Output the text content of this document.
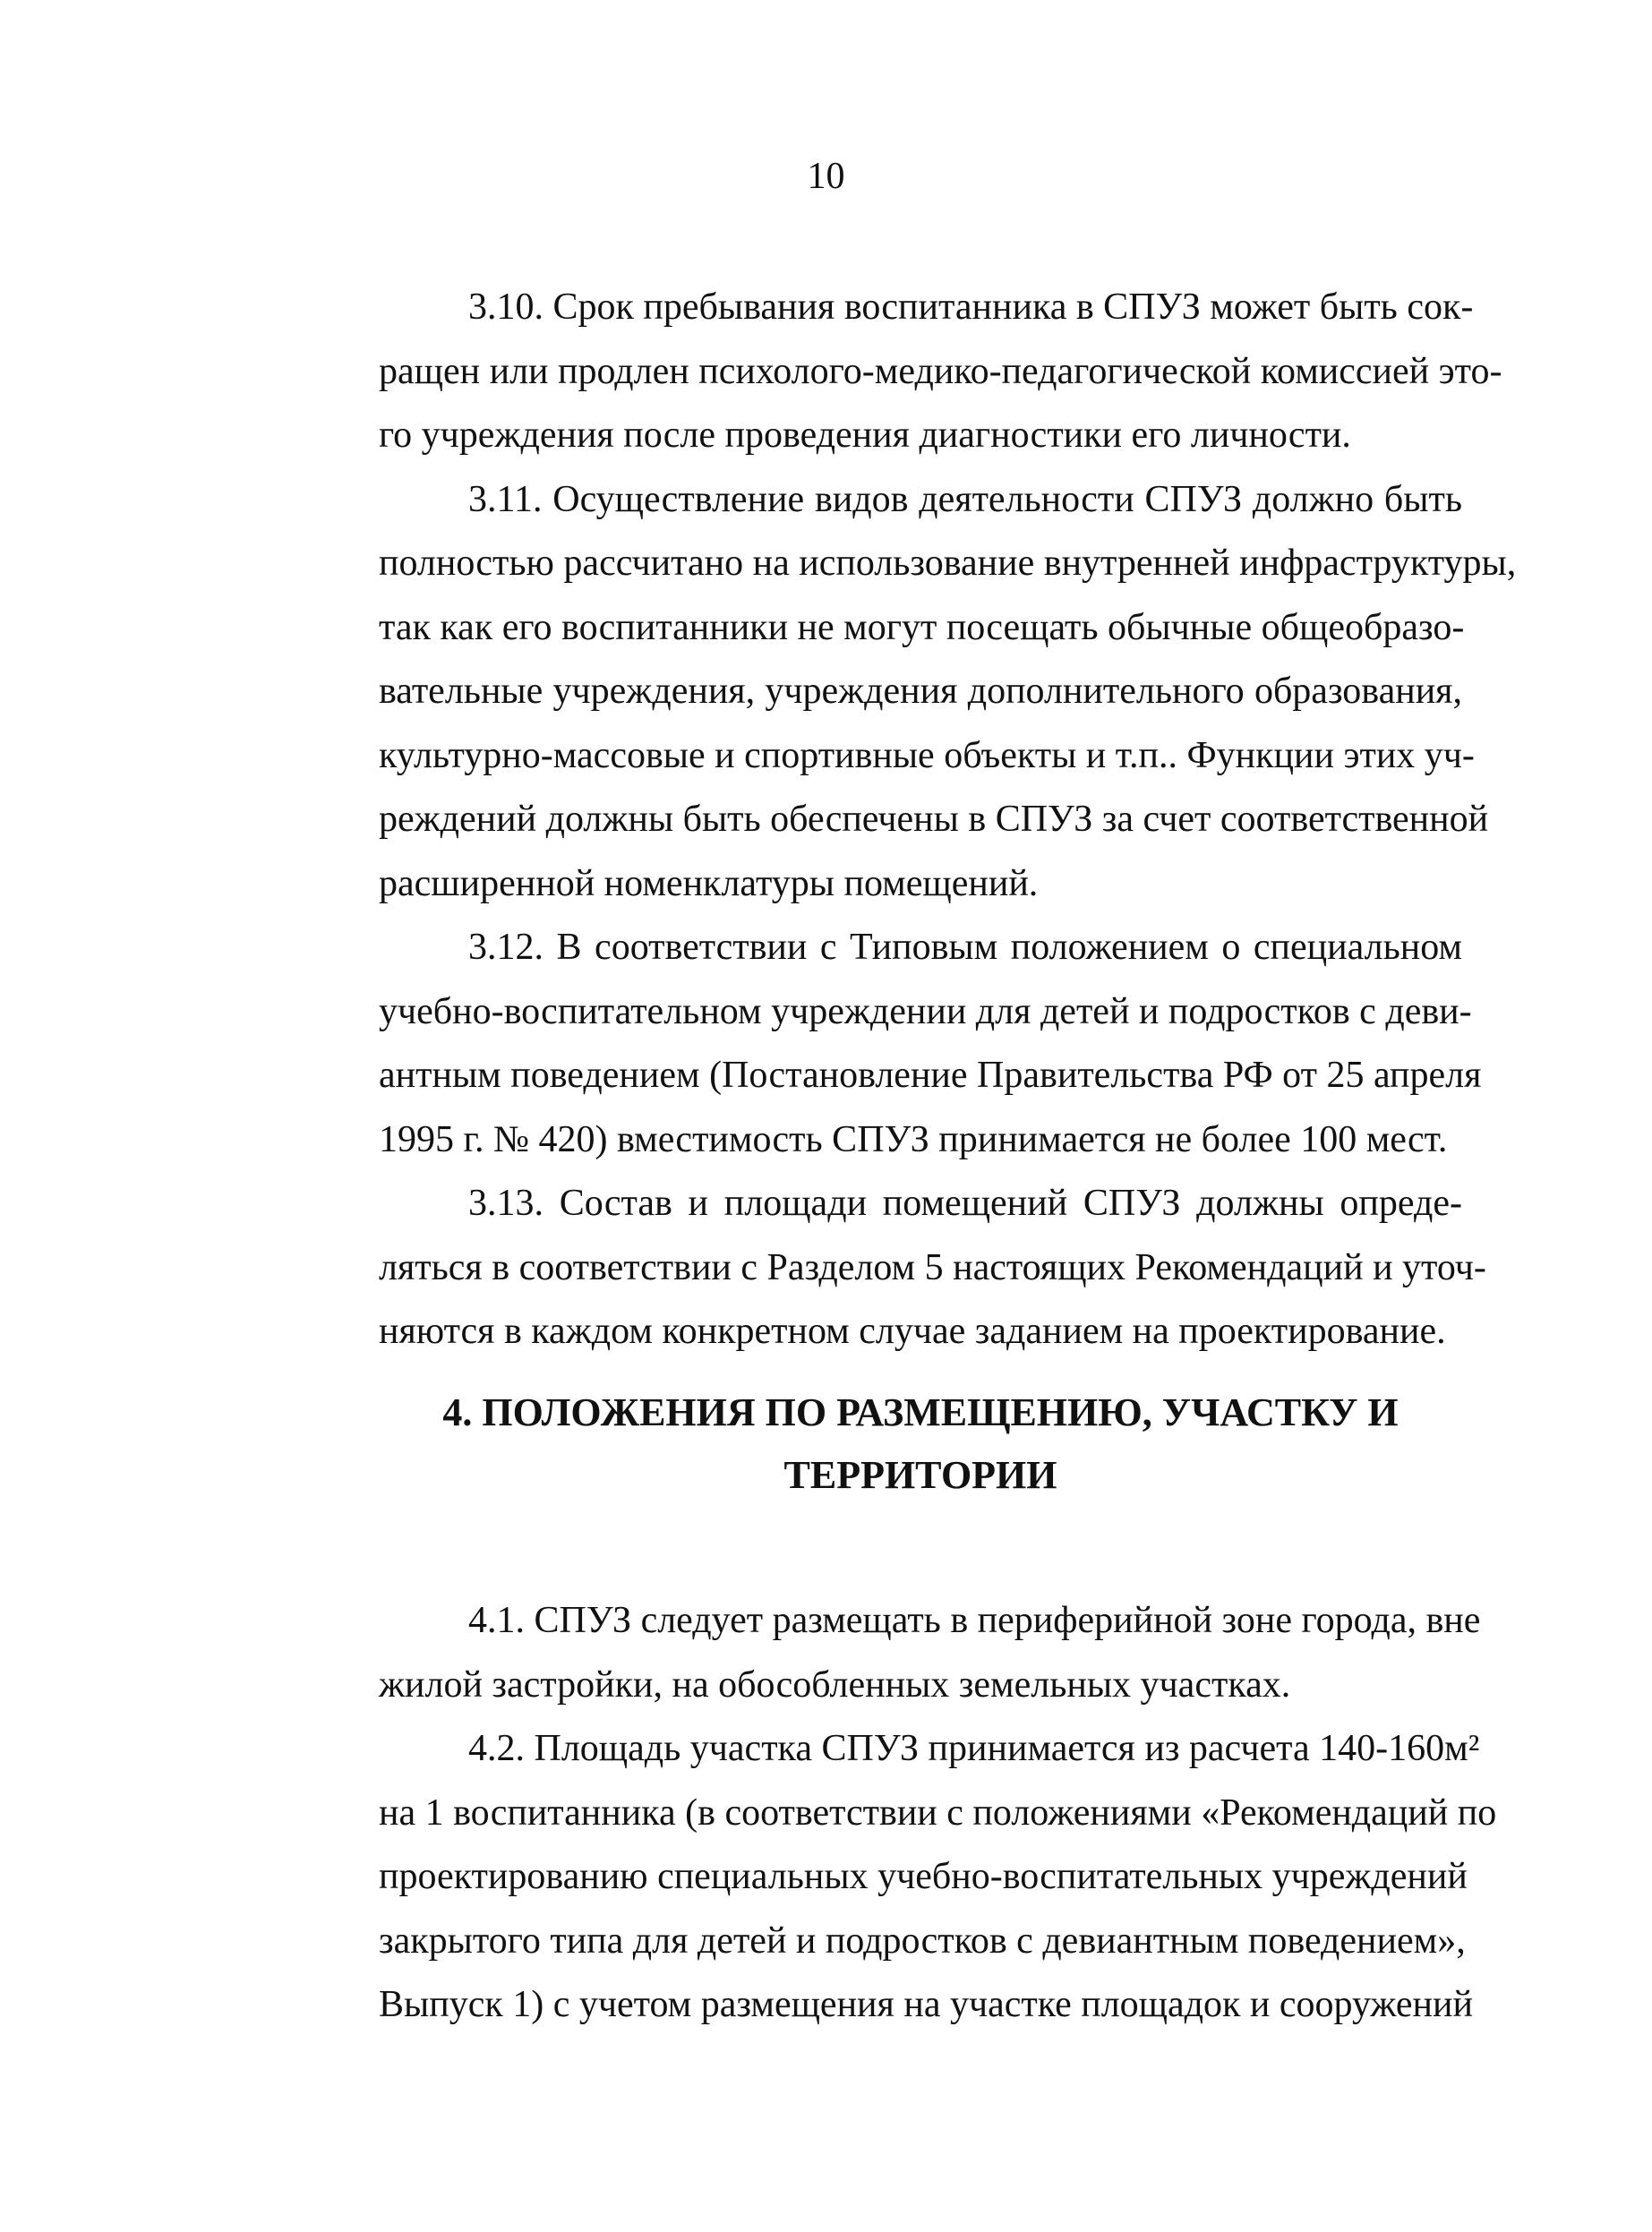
10
3.10. Срок пребывания воспитанника в СПУЗ может быть сок-
ращен или продлен психолого-медико-педагогической комиссией это-
го учреждения после проведения диагностики его личности.
3.11. Осуществление видов деятельности СПУЗ должно быть
полностью рассчитано на использование внутренней инфраструктуры,
так как его воспитанники не могут посещать обычные общеобразо-
вательные учреждения, учреждения дополнительного образования,
культурно-массовые и спортивные объекты и т.п.. Функции этих уч-
реждений должны быть обеспечены в СПУЗ за счет соответственной
расширенной номенклатуры помещений.
3.12. В соответствии с Типовым положением о специальном
учебно-воспитательном учреждении для детей и подростков с деви-
антным поведением (Постановление Правительства РФ от 25 апреля
1995 г. № 420) вместимость СПУЗ принимается не более 100 мест.
3.13. Состав и площади помещений СПУЗ должны опреде-
ляться в соответствии с Разделом 5 настоящих Рекомендаций и уточ-
няются в каждом конкретном случае заданием на проектирование.
4. ПОЛОЖЕНИЯ ПО РАЗМЕЩЕНИЮ, УЧАСТКУ И
ТЕРРИТОРИИ
4.1. СПУЗ следует размещать в периферийной зоне города, вне
жилой застройки, на обособленных земельных участках.
4.2. Площадь участка СПУЗ принимается из расчета 140-160м²
на 1 воспитанника (в соответствии с положениями «Рекомендаций по
проектированию специальных учебно-воспитательных учреждений
закрытого типа для детей и подростков с девиантным поведением»,
Выпуск 1) с учетом размещения на участке площадок и сооружений
